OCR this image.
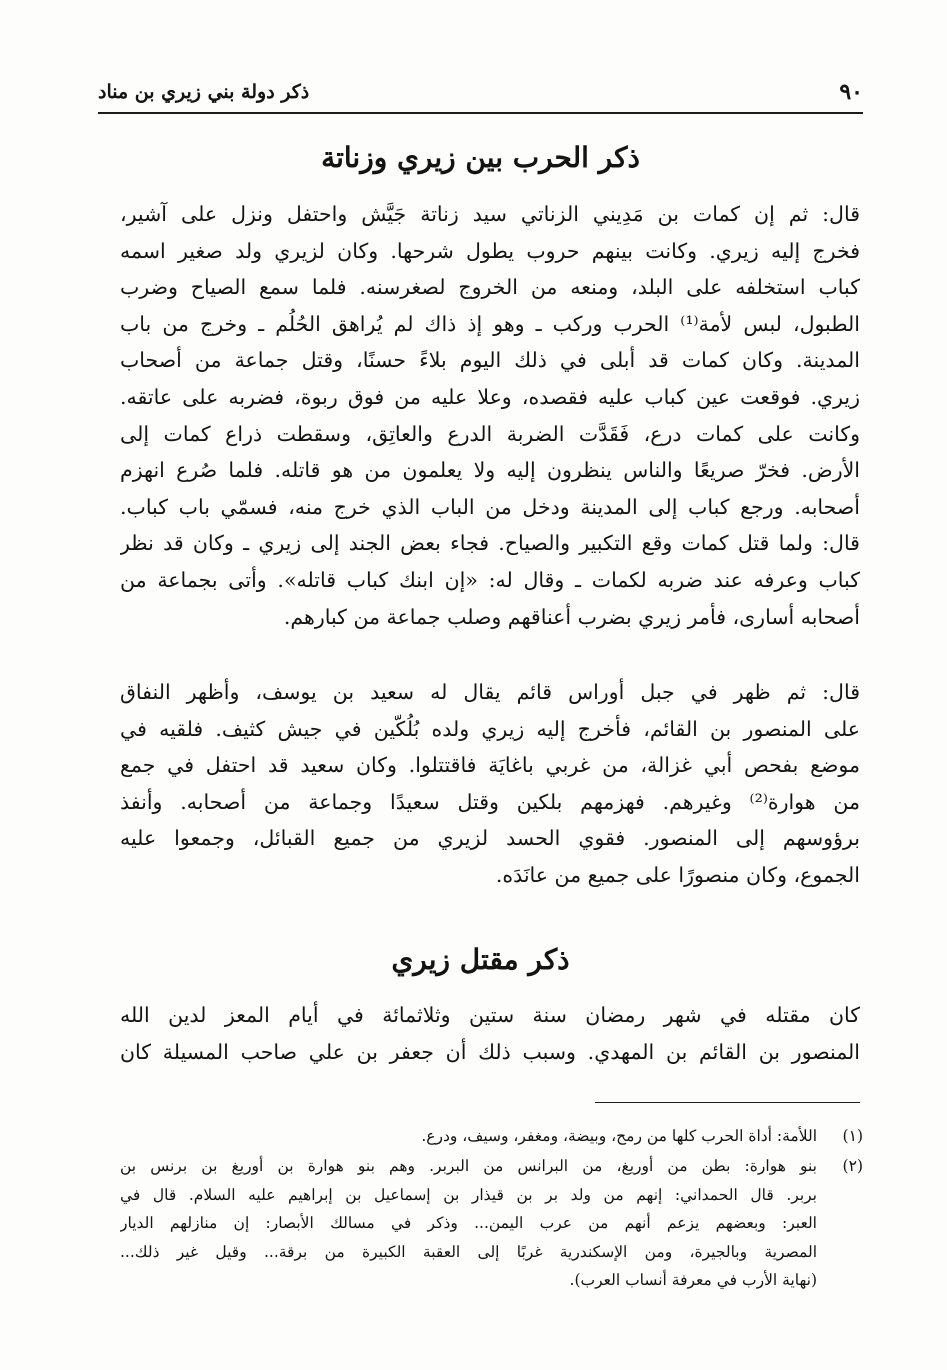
٩٠
ذكر دولة بني زيري بن مناد
ذكر الحرب بين زيري وزناتة
قال: ثم إن كمات بن مَدِيني الزناتي سيد زناتة جَيَّش واحتفل ونزل على آشير،
فخرج إليه زيري. وكانت بينهم حروب يطول شرحها. وكان لزيري ولد صغير اسمه
كباب استخلفه على البلد، ومنعه من الخروج لصغرسنه. فلما سمع الصياح وضرب
الطبول، لبس لأمة⁽¹⁾ الحرب وركب ـ وهو إذ ذاك لم يُراهق الحُلُم ـ وخرج من باب
المدينة. وكان كمات قد أبلى في ذلك اليوم بلاءً حسنًا، وقتل جماعة من أصحاب
زيري. فوقعت عين كباب عليه فقصده، وعلا عليه من فوق ربوة، فضربه على عاتقه.
وكانت على كمات درع، فَقَدَّت الضربة الدرع والعاتِق، وسقطت ذراع كمات إلى
الأرض. فخرّ صريعًا والناس ينظرون إليه ولا يعلمون من هو قاتله. فلما صُرع انهزم
أصحابه. ورجع كباب إلى المدينة ودخل من الباب الذي خرج منه، فسمّي باب كباب.
قال: ولما قتل كمات وقع التكبير والصياح. فجاء بعض الجند إلى زيري ـ وكان قد نظر
كباب وعرفه عند ضربه لكمات ـ وقال له: «إن ابنك كباب قاتله». وأتى بجماعة من
أصحابه أسارى، فأمر زيري بضرب أعناقهم وصلب جماعة من كبارهم.
قال: ثم ظهر في جبل أوراس قائم يقال له سعيد بن يوسف، وأظهر النفاق
على المنصور بن القائم، فأخرج إليه زيري ولده بُلُكّين في جيش كثيف. فلقيه في
موضع بفحص أبي غزالة، من غربي باغايَة فاقتتلوا. وكان سعيد قد احتفل في جمع
من هوارة⁽²⁾ وغيرهم. فهزمهم بلكين وقتل سعيدًا وجماعة من أصحابه. وأنفذ
برؤوسهم إلى المنصور. فقوي الحسد لزيري من جميع القبائل، وجمعوا عليه
الجموع، وكان منصورًا على جميع من عانَدَه.
ذكر مقتل زيري
كان مقتله في شهر رمضان سنة ستين وثلاثمائة في أيام المعز لدين الله
المنصور بن القائم بن المهدي. وسبب ذلك أن جعفر بن علي صاحب المسيلة كان
(١)
اللأمة: أداة الحرب كلها من رمح، وبيضة، ومغفر، وسيف، ودرع.
(٢)
بنو هوارة: بطن من أوريغ، من البرانس من البربر. وهم بنو هوارة بن أوريغ بن برنس بن
بربر. قال الحمداني: إنهم من ولد بر بن قيذار بن إسماعيل بن إبراهيم عليه السلام. قال في
العبر: وبعضهم يزعم أنهم من عرب اليمن... وذكر في مسالك الأبصار: إن منازلهم الديار
المصرية وبالجيرة، ومن الإسكندرية غربًا إلى العقبة الكبيرة من برقة... وقيل غير ذلك...
(نهاية الأرب في معرفة أنساب العرب).
